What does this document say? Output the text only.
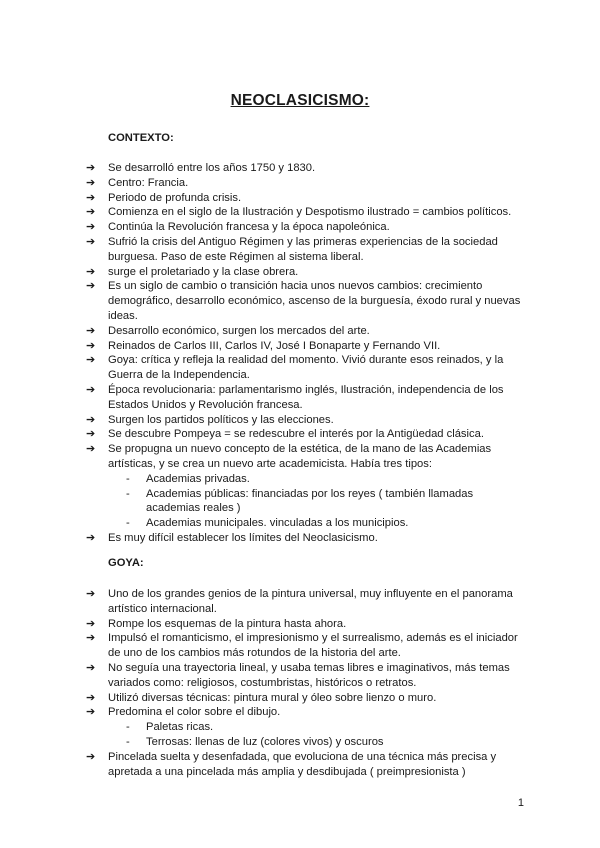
NEOCLASICISMO:
CONTEXTO:
➔ Se desarrolló entre los años 1750 y 1830.
➔ Centro: Francia.
➔ Periodo de profunda crisis.
➔ Comienza en el siglo de la Ilustración y Despotismo ilustrado = cambios políticos.
➔ Continúa la Revolución francesa y la época napoleónica.
➔ Sufrió la crisis del Antiguo Régimen y las primeras experiencias de la sociedad burguesa. Paso de este Régimen al sistema liberal.
➔ surge el proletariado y la clase obrera.
➔ Es un siglo de cambio o transición hacia unos nuevos cambios: crecimiento demográfico, desarrollo económico, ascenso de la burguesía, éxodo rural y nuevas ideas.
➔ Desarrollo económico, surgen los mercados del arte.
➔ Reinados de Carlos III, Carlos IV, José I Bonaparte y Fernando VII.
➔ Goya: crítica y refleja la realidad del momento. Vivió durante esos reinados, y la Guerra de la Independencia.
➔ Época revolucionaria: parlamentarismo inglés, Ilustración, independencia de los Estados Unidos y Revolución francesa.
➔ Surgen los partidos políticos y las elecciones.
➔ Se descubre Pompeya = se redescubre el interés por la Antigüedad clásica.
➔ Se propugna un nuevo concepto de la estética, de la mano de las Academias artísticas, y se crea un nuevo arte academicista. Había tres tipos:
- Academias privadas.
- Academias públicas: financiadas por los reyes ( también llamadas academias reales )
- Academias municipales. vinculadas a los municipios.
➔ Es muy difícil establecer los límites del Neoclasicismo.
GOYA:
➔ Uno de los grandes genios de la pintura universal, muy influyente en el panorama artístico internacional.
➔ Rompe los esquemas de la pintura hasta ahora.
➔ Impulsó el romanticismo, el impresionismo y el surrealismo, además es el iniciador de uno de los cambios más rotundos de la historia del arte.
➔ No seguía una trayectoria lineal, y usaba temas libres e imaginativos, más temas variados como: religiosos, costumbristas, históricos o retratos.
➔ Utilizó diversas técnicas: pintura mural y óleo sobre lienzo o muro.
➔ Predomina el color sobre el dibujo.
- Paletas ricas.
- Terrosas: llenas de luz (colores vivos) y oscuros
➔ Pincelada suelta y desenfadada, que evoluciona de una técnica más precisa y apretada a una pincelada más amplia y desdibujada ( preimpresionista )
1
